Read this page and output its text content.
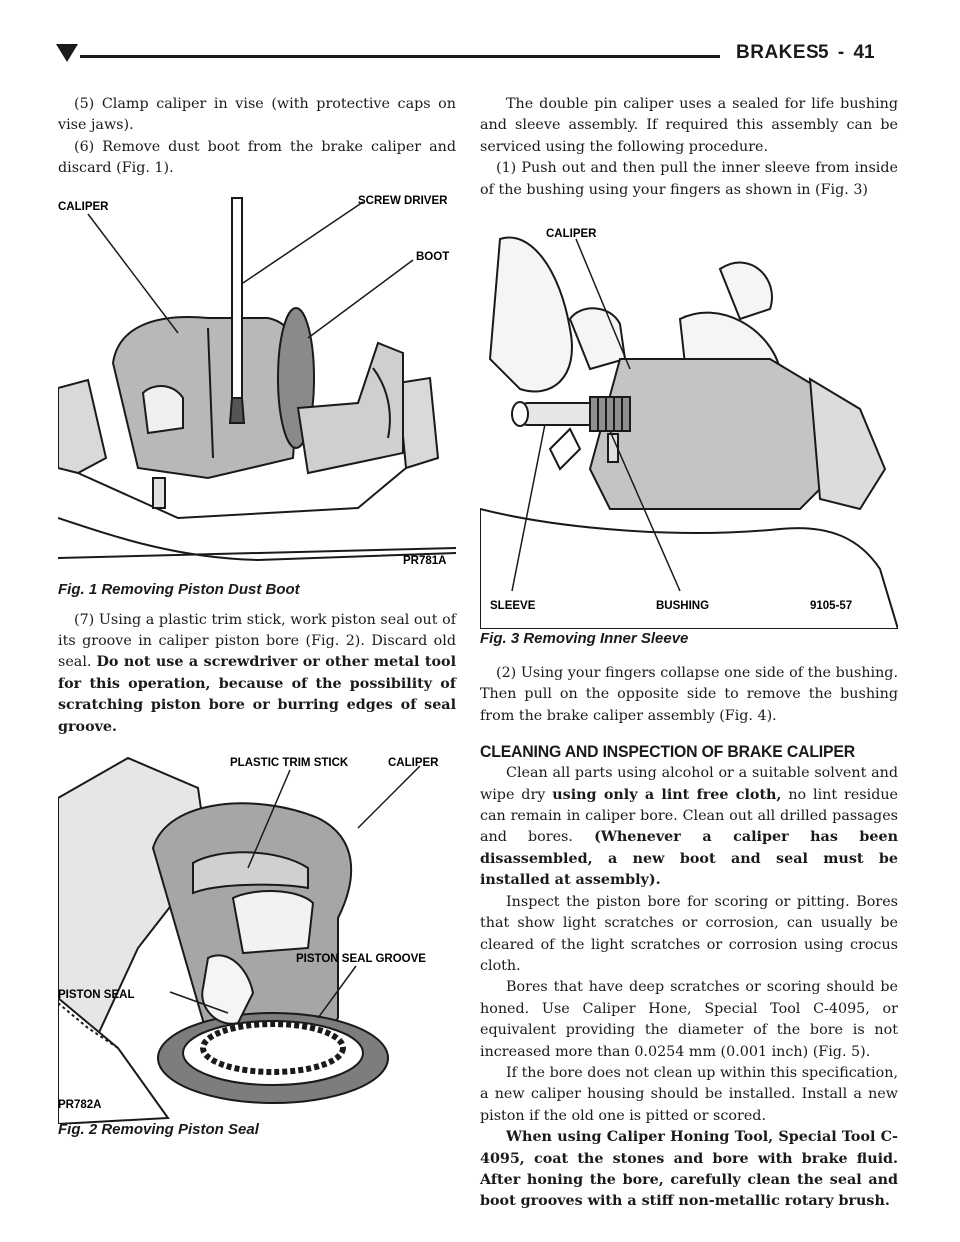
BRAKES
5 - 41

(5) Clamp caliper in vise (with protective caps on vise jaws).

(6) Remove dust boot from the brake caliper and discard (Fig. 1).

CALIPER	SCREW DRIVER
BOOT
PR781A
Fig. 1 Removing Piston Dust Boot

(7) Using a plastic trim stick, work piston seal out of its groove in caliper piston bore (Fig. 2). Discard old seal. Do not use a screwdriver or other metal tool for this operation, because of the possibility of scratching piston bore or burring edges of seal groove.

PLASTIC TRIM STICK	CALIPER
PISTON SEAL GROOVE
PISTON SEAL
PR782A
Fig. 2 Removing Piston Seal

The double pin caliper uses a sealed for life bushing and sleeve assembly. If required this assembly can be serviced using the following procedure.

(1) Push out and then pull the inner sleeve from inside of the bushing using your fingers as shown in (Fig. 3)

CALIPER
SLEEVE	BUSHING	9105-57
Fig. 3 Removing Inner Sleeve

(2) Using your fingers collapse one side of the bushing. Then pull on the opposite side to remove the bushing from the brake caliper assembly (Fig. 4).

CLEANING AND INSPECTION OF BRAKE CALIPER

Clean all parts using alcohol or a suitable solvent and wipe dry using only a lint free cloth, no lint residue can remain in caliper bore. Clean out all drilled passages and bores. (Whenever a caliper has been disassembled, a new boot and seal must be installed at assembly).

Inspect the piston bore for scoring or pitting. Bores that show light scratches or corrosion, can usually be cleared of the light scratches or corrosion using crocus cloth.

Bores that have deep scratches or scoring should be honed. Use Caliper Hone, Special Tool C-4095, or equivalent providing the diameter of the bore is not increased more than 0.0254 mm (0.001 inch) (Fig. 5).

If the bore does not clean up within this specification, a new caliper housing should be installed. Install a new piston if the old one is pitted or scored.

When using Caliper Honing Tool, Special Tool C-4095, coat the stones and bore with brake fluid. After honing the bore, carefully clean the seal and boot grooves with a stiff non-metallic rotary brush.
